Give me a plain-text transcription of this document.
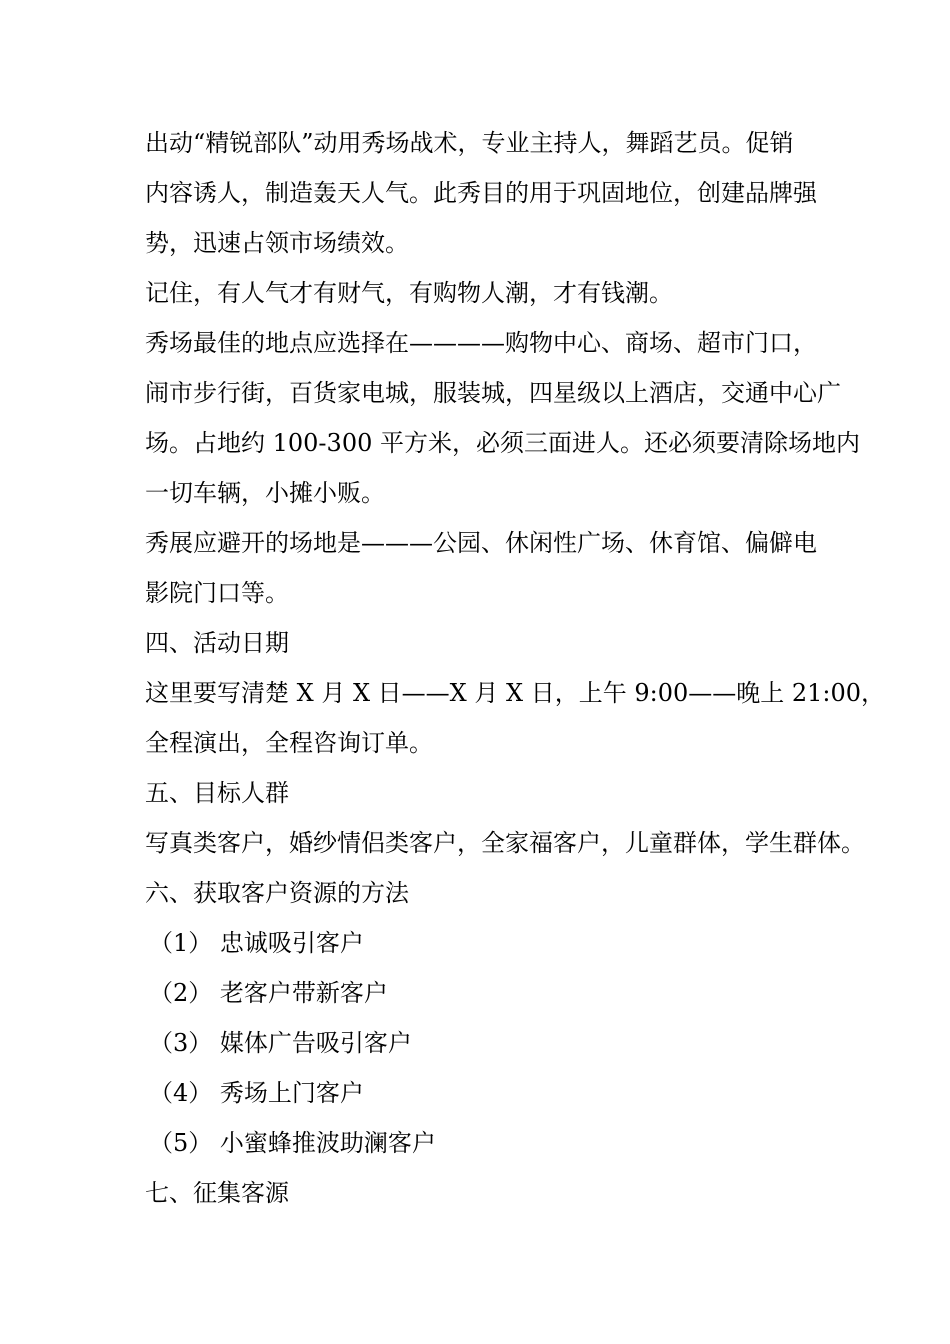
出动“精锐部队”动用秀场战术，专业主持人，舞蹈艺员。促销
内容诱人，制造轰天人气。此秀目的用于巩固地位，创建品牌强
势，迅速占领市场绩效。
记住，有人气才有财气，有购物人潮，才有钱潮。
秀场最佳的地点应选择在————购物中心、商场、超市门口，
闹市步行街，百货家电城，服装城，四星级以上酒店，交通中心广
场。占地约 100-300 平方米，必须三面进人。还必须要清除场地内
一切车辆，小摊小贩。
秀展应避开的场地是———公园、休闲性广场、休育馆、偏僻电
影院门口等。
四、活动日期
这里要写清楚 X 月 X 日——X 月 X 日，上午 9:00——晚上 21:00，
全程演出，全程咨询订单。
五、目标人群
写真类客户，婚纱情侣类客户，全家福客户，儿童群体，学生群体。
六、获取客户资源的方法
（1） 忠诚吸引客户
（2） 老客户带新客户
（3） 媒体广告吸引客户
（4） 秀场上门客户
（5） 小蜜蜂推波助澜客户
七、征集客源
